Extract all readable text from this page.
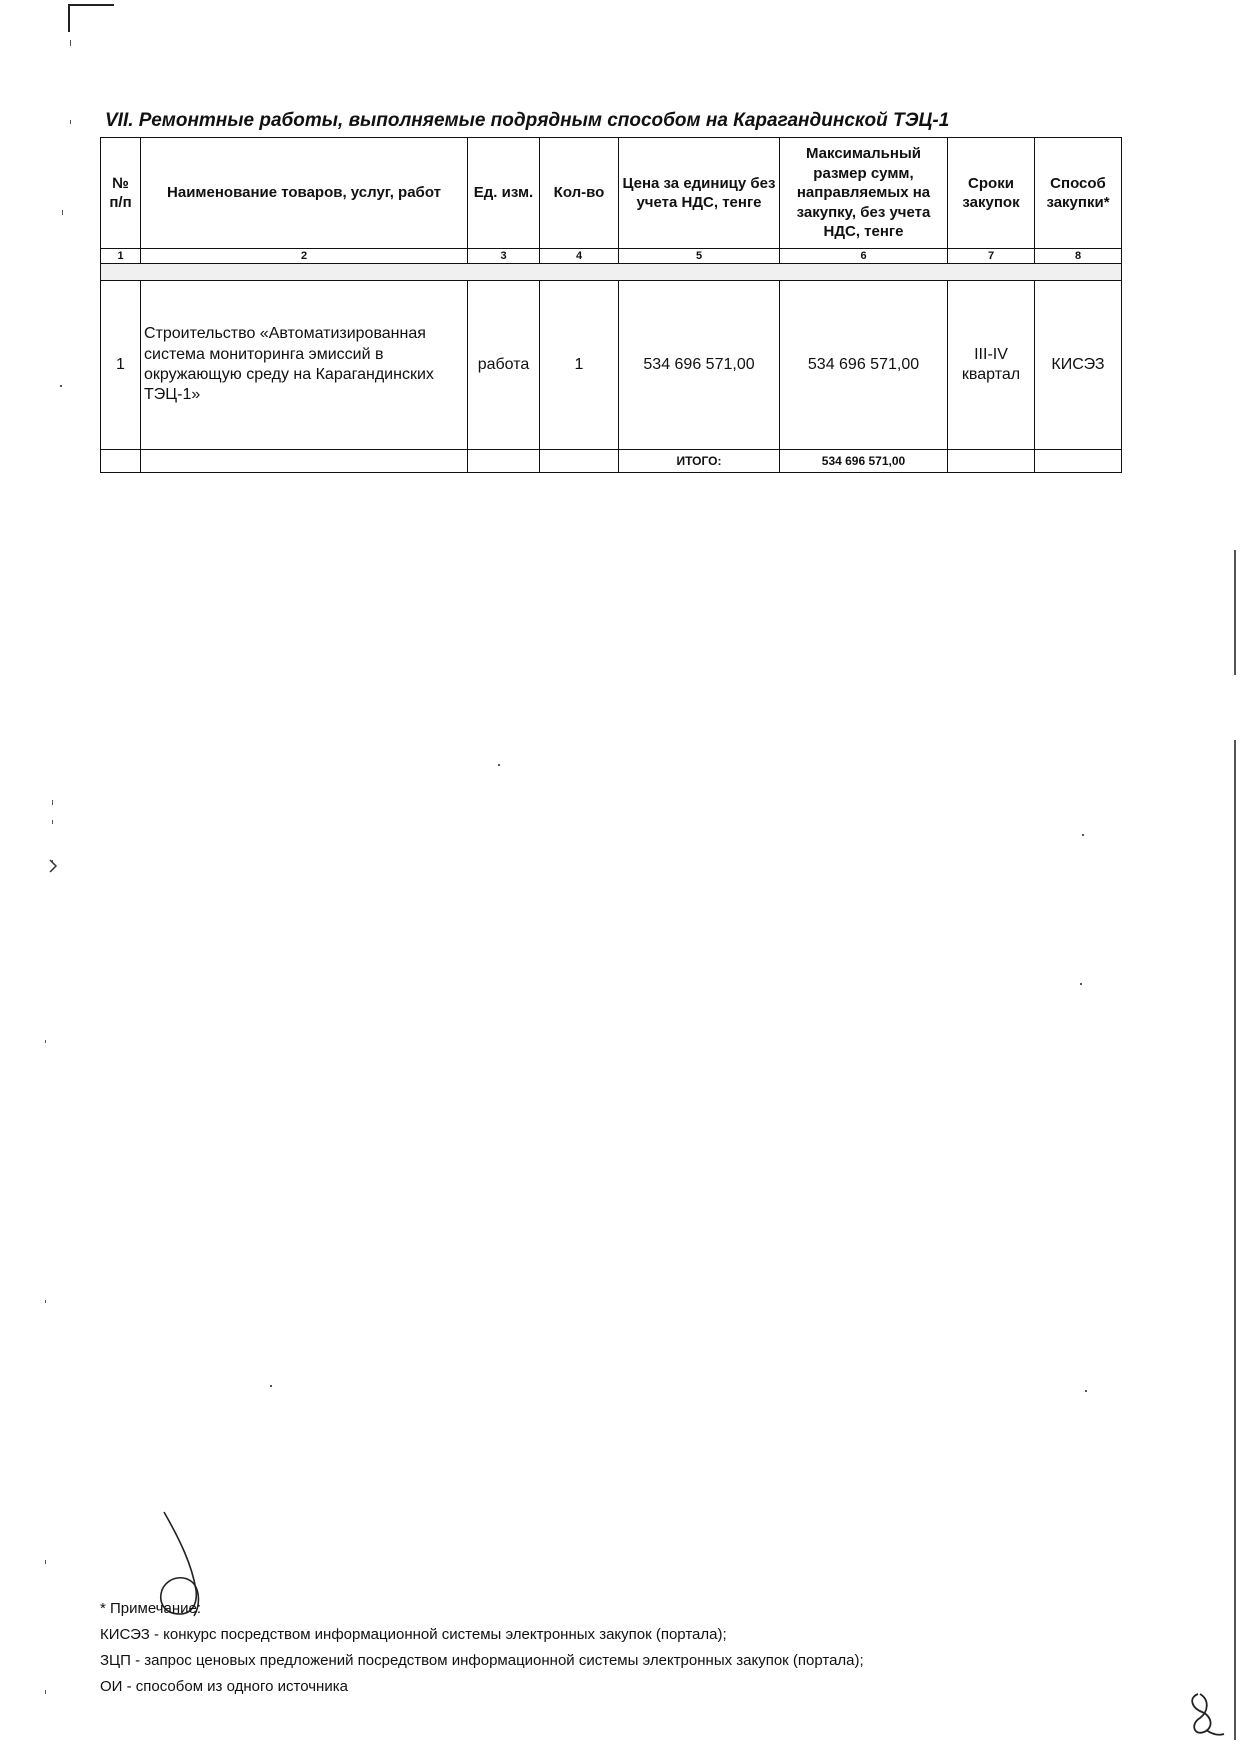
VII. Ремонтные работы, выполняемые подрядным способом на Карагандинской ТЭЦ-1
№ п/п	Наименование товаров, услуг, работ	Ед. изм.	Кол-во	Цена за единицу без учета НДС, тенге	Максимальный размер сумм, направляемых на закупку, без учета НДС, тенге	Сроки закупок	Способ закупки*
1	2	3	4	5	6	7	8

1	Строительство «Автоматизированная система мониторинга эмиссий в окружающую среду на Карагандинских ТЭЦ-1»	работа	1	534 696 571,00	534 696 571,00	III-IV квартал	КИСЭЗ
				ИТОГО:	534 696 571,00		
* Примечание:
КИСЭЗ - конкурс посредством информационной системы электронных закупок (портала);
ЗЦП - запрос ценовых предложений посредством информационной системы электронных закупок (портала);
ОИ - способом из одного источника
